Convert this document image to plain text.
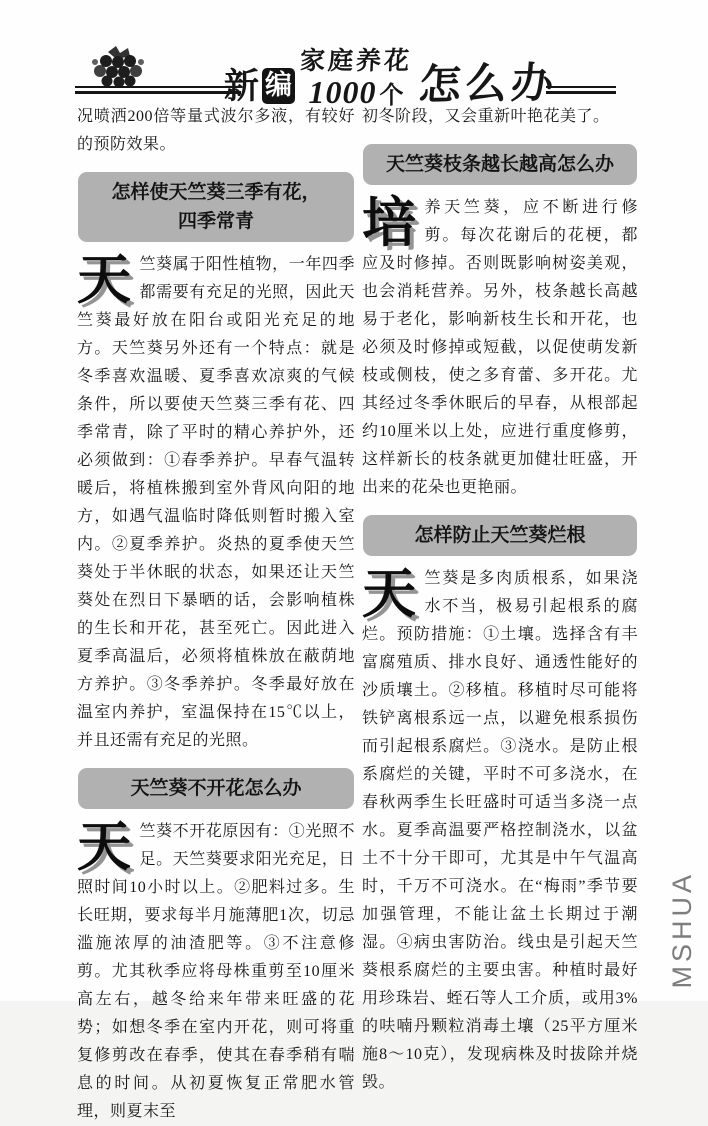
新 编
家庭养花
1000 个 怎么办

况喷洒200倍等量式波尔多液，有较好的预防效果。

怎样使天竺葵三季有花，
四季常青

天竺葵属于阳性植物，一年四季都需要有充足的光照，因此天竺葵最好放在阳台或阳光充足的地方。天竺葵另外还有一个特点：就是冬季喜欢温暖、夏季喜欢凉爽的气候条件，所以要使天竺葵三季有花、四季常青，除了平时的精心养护外，还必须做到：①春季养护。早春气温转暖后，将植株搬到室外背风向阳的地方，如遇气温临时降低则暂时搬入室内。②夏季养护。炎热的夏季使天竺葵处于半休眠的状态，如果还让天竺葵处在烈日下暴晒的话，会影响植株的生长和开花，甚至死亡。因此进入夏季高温后，必须将植株放在蔽荫地方养护。③冬季养护。冬季最好放在温室内养护，室温保持在15℃以上，并且还需有充足的光照。

天竺葵不开花怎么办

天竺葵不开花原因有：①光照不足。天竺葵要求阳光充足，日照时间10小时以上。②肥料过多。生长旺期，要求每半月施薄肥1次，切忌滥施浓厚的油渣肥等。③不注意修剪。尤其秋季应将母株重剪至10厘米高左右，越冬给来年带来旺盛的花势；如想冬季在室内开花，则可将重复修剪改在春季，使其在春季稍有喘息的时间。从初夏恢复正常肥水管理，则夏末至

初冬阶段，又会重新叶艳花美了。

天竺葵枝条越长越高怎么办

培养天竺葵，应不断进行修剪。每次花谢后的花梗，都应及时修掉。否则既影响树姿美观，也会消耗营养。另外，枝条越长高越易于老化，影响新枝生长和开花，也必须及时修掉或短截，以促使萌发新枝或侧枝，使之多育蕾、多开花。尤其经过冬季休眠后的早春，从根部起约10厘米以上处，应进行重度修剪，这样新长的枝条就更加健壮旺盛，开出来的花朵也更艳丽。

怎样防止天竺葵烂根

天竺葵是多肉质根系，如果浇水不当，极易引起根系的腐烂。预防措施：①土壤。选择含有丰富腐殖质、排水良好、通透性能好的沙质壤土。②移植。移植时尽可能将铁铲离根系远一点，以避免根系损伤而引起根系腐烂。③浇水。是防止根系腐烂的关键，平时不可多浇水，在春秋两季生长旺盛时可适当多浇一点水。夏季高温要严格控制浇水，以盆土不十分干即可，尤其是中午气温高时，千万不可浇水。在“梅雨”季节要加强管理，不能让盆土长期过于潮湿。④病虫害防治。线虫是引起天竺葵根系腐烂的主要虫害。种植时最好用珍珠岩、蛭石等人工介质，或用3%的呋喃丹颗粒消毒土壤（25平方厘米施8～10克），发现病株及时拔除并烧毁。

MSHUA
